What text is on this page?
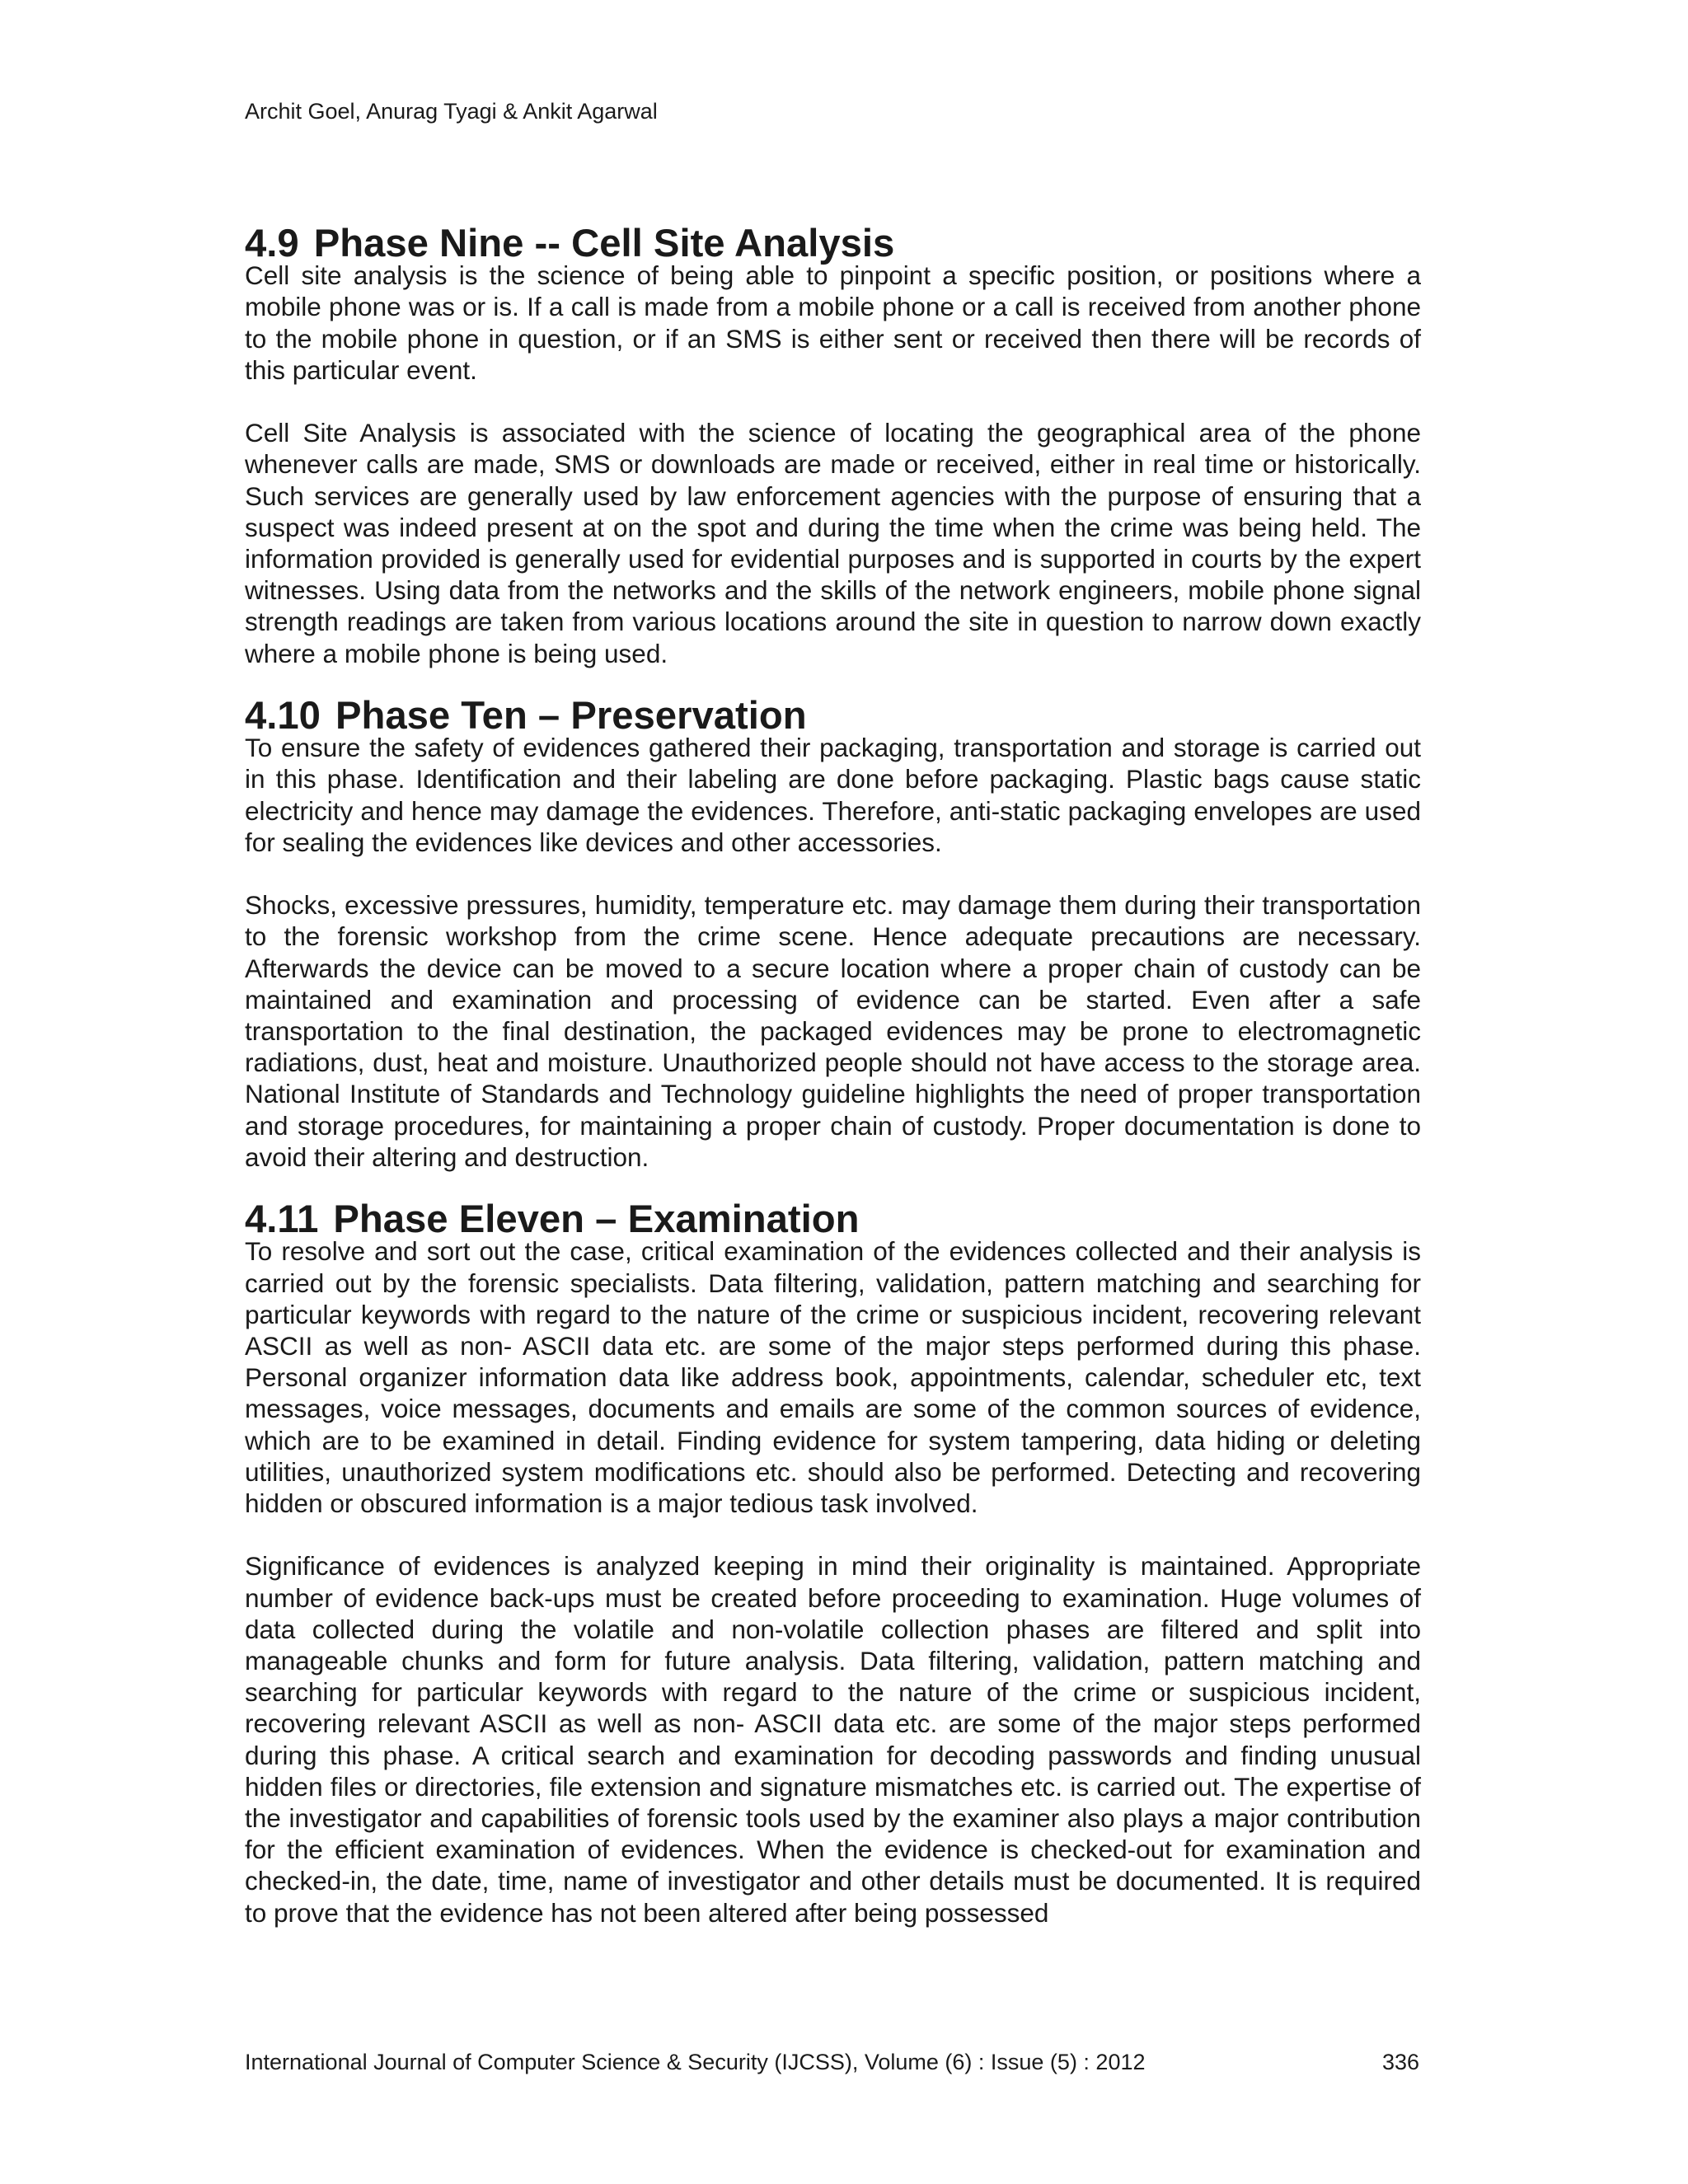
Archit Goel, Anurag Tyagi & Ankit Agarwal
4.9 Phase Nine -- Cell Site Analysis

Cell site analysis is the science of being able to pinpoint a specific position, or positions where a mobile phone was or is. If a call is made from a mobile phone or a call is received from another phone to the mobile phone in question, or if an SMS is either sent or received then there will be records of this particular event.

Cell Site Analysis is associated with the science of locating the geographical area of the phone whenever calls are made, SMS or downloads are made or received, either in real time or historically. Such services are generally used by law enforcement agencies with the purpose of ensuring that a suspect was indeed present at on the spot and during the time when the crime was being held. The information provided is generally used for evidential purposes and is supported in courts by the expert witnesses. Using data from the networks and the skills of the network engineers, mobile phone signal strength readings are taken from various locations around the site in question to narrow down exactly where a mobile phone is being used.

4.10 Phase Ten – Preservation

To ensure the safety of evidences gathered their packaging, transportation and storage is carried out in this phase. Identification and their labeling are done before packaging. Plastic bags cause static electricity and hence may damage the evidences. Therefore, anti-static packaging envelopes are used for sealing the evidences like devices and other accessories.

Shocks, excessive pressures, humidity, temperature etc. may damage them during their transportation to the forensic workshop from the crime scene. Hence adequate precautions are necessary. Afterwards the device can be moved to a secure location where a proper chain of custody can be maintained and examination and processing of evidence can be started. Even after a safe transportation to the final destination, the packaged evidences may be prone to electromagnetic radiations, dust, heat and moisture. Unauthorized people should not have access to the storage area. National Institute of Standards and Technology guideline highlights the need of proper transportation and storage procedures, for maintaining a proper chain of custody. Proper documentation is done to avoid their altering and destruction.

4.11 Phase Eleven – Examination

To resolve and sort out the case, critical examination of the evidences collected and their analysis is carried out by the forensic specialists. Data filtering, validation, pattern matching and searching for particular keywords with regard to the nature of the crime or suspicious incident, recovering relevant ASCII as well as non- ASCII data etc. are some of the major steps performed during this phase. Personal organizer information data like address book, appointments, calendar, scheduler etc, text messages, voice messages, documents and emails are some of the common sources of evidence, which are to be examined in detail. Finding evidence for system tampering, data hiding or deleting utilities, unauthorized system modifications etc. should also be performed. Detecting and recovering hidden or obscured information is a major tedious task involved.

Significance of evidences is analyzed keeping in mind their originality is maintained. Appropriate number of evidence back-ups must be created before proceeding to examination. Huge volumes of data collected during the volatile and non-volatile collection phases are filtered and split into manageable chunks and form for future analysis. Data filtering, validation, pattern matching and searching for particular keywords with regard to the nature of the crime or suspicious incident, recovering relevant ASCII as well as non- ASCII data etc. are some of the major steps performed during this phase. A critical search and examination for decoding passwords and finding unusual hidden files or directories, file extension and signature mismatches etc. is carried out. The expertise of the investigator and capabilities of forensic tools used by the examiner also plays a major contribution for the efficient examination of evidences. When the evidence is checked-out for examination and checked-in, the date, time, name of investigator and other details must be documented. It is required to prove that the evidence has not been altered after being possessed

International Journal of Computer Science & Security (IJCSS), Volume (6) : Issue (5) : 2012	336
